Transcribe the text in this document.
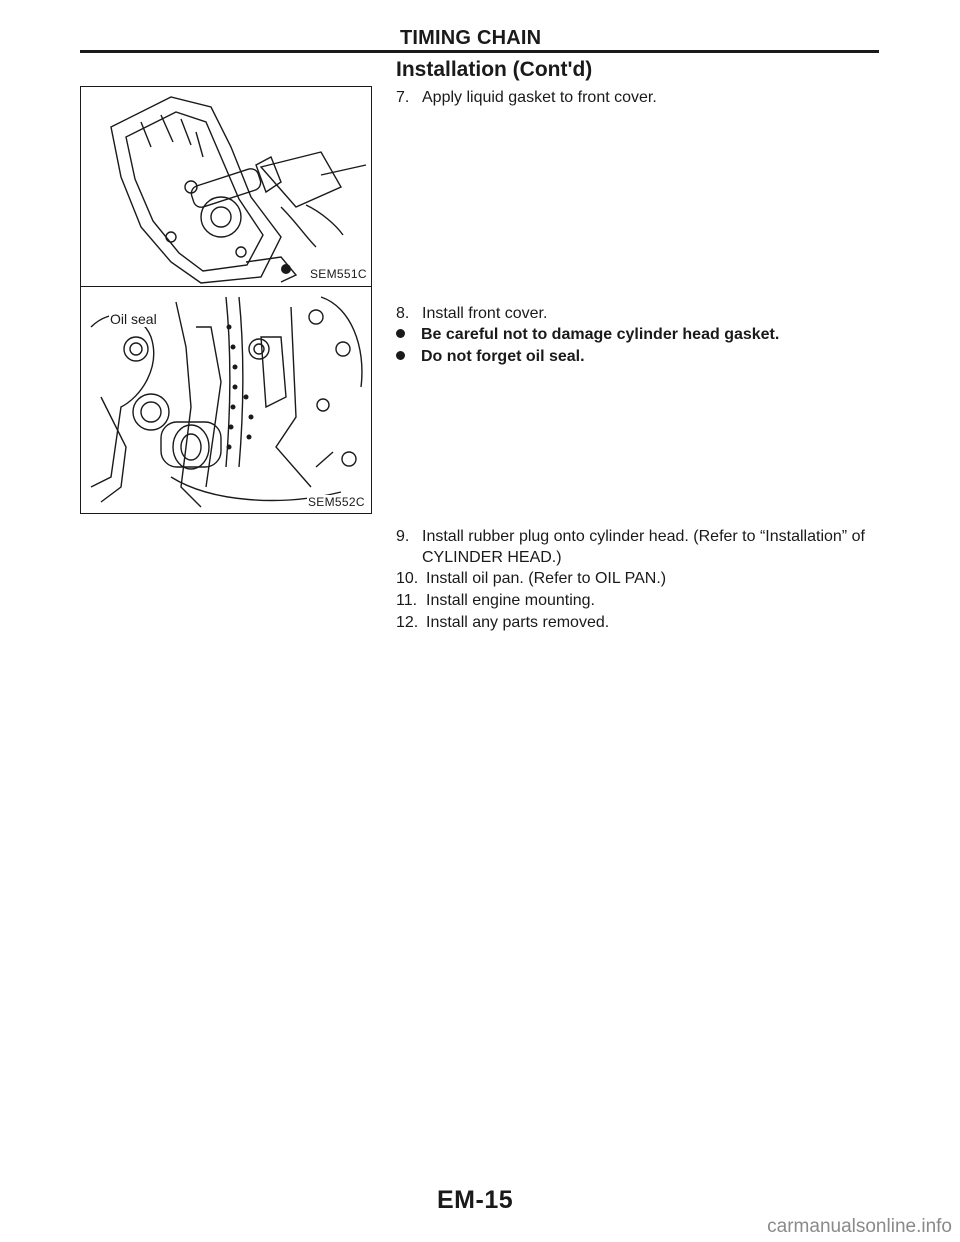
TIMING CHAIN
SEM551C
Oil seal
SEM552C
Installation (Cont'd)
7. Apply liquid gasket to front cover.
8. Install front cover.
Be careful not to damage cylinder head gasket.
Do not forget oil seal.
9. Install rubber plug onto cylinder head. (Refer to “Installation” of
CYLINDER HEAD.)
10. Install oil pan. (Refer to OIL PAN.)
11. Install engine mounting.
12. Install any parts removed.
EM-15
carmanualsonline.info
